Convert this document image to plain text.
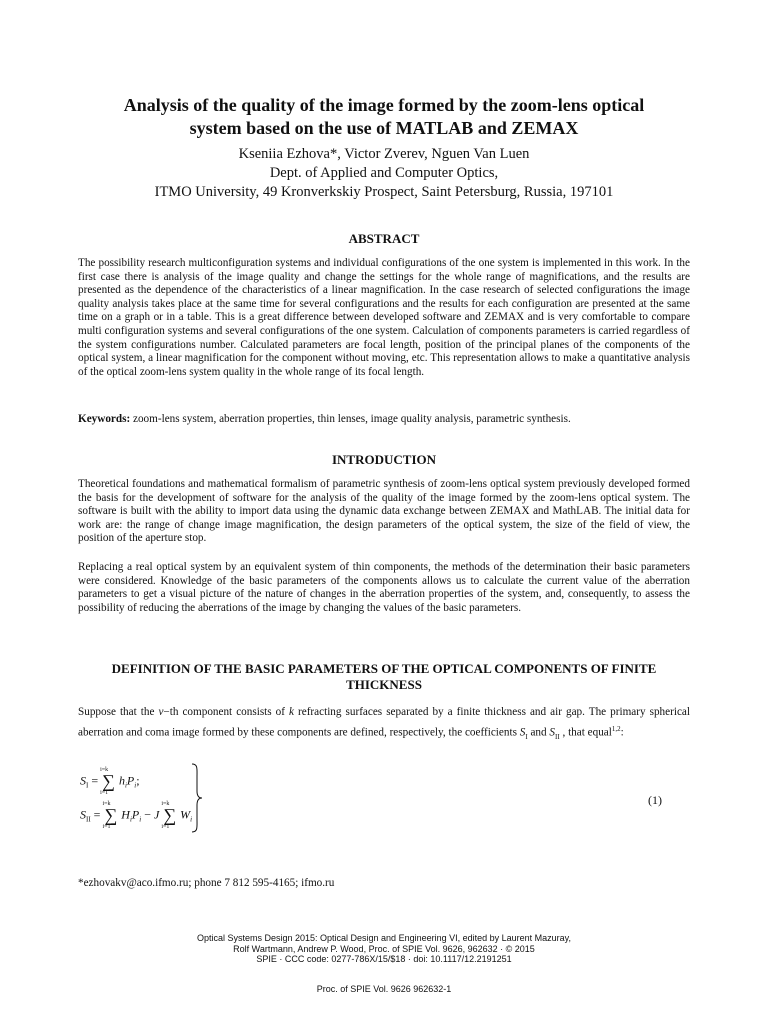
Analysis of the quality of the image formed by the zoom-lens optical
system based on the use of MATLAB and ZEMAX
Kseniia Ezhova*, Victor Zverev, Nguen Van Luen
Dept. of Applied and Computer Optics,
ITMO University, 49 Kronverkskiy Prospect, Saint Petersburg, Russia, 197101
ABSTRACT

The possibility research multiconfiguration systems and individual configurations of the one system is implemented in this work. In the first case there is analysis of the image quality and change the settings for the whole range of magnifications, and the results are presented as the dependence of the characteristics of a linear magnification. In the case research of selected configurations the image quality analysis takes place at the same time for several configurations and the results for each configuration are presented at the same time on a graph or in a table. This is a great difference between developed software and ZEMAX and is very comfortable to compare multi configuration systems and several configurations of the one system. Calculation of components parameters is carried regardless of the system configurations number. Calculated parameters are focal length, position of the principal planes of the components of the optical system, a linear magnification for the component without moving, etc. This representation allows to make a quantitative analysis of the optical zoom-lens system quality in the whole range of its focal length.

Keywords: zoom-lens system, aberration properties, thin lenses, image quality analysis, parametric synthesis.

INTRODUCTION

Theoretical foundations and mathematical formalism of parametric synthesis of zoom-lens optical system previously developed formed the basis for the development of software for the analysis of the quality of the image formed by the zoom-lens optical system. The software is built with the ability to import data using the dynamic data exchange between ZEMAX and MathLAB. The initial data for work are: the range of change image magnification, the design parameters of the optical system, the size of the field of view, the position of the aperture stop.

Replacing a real optical system by an equivalent system of thin components, the methods of the determination their basic parameters were considered. Knowledge of the basic parameters of the components allows us to calculate the current value of the aberration parameters to get a visual picture of the nature of changes in the aberration properties of the system, and, consequently, to assess the possibility of reducing the aberrations of the image by changing the values of the basic parameters.

DEFINITION OF THE BASIC PARAMETERS OF THE OPTICAL COMPONENTS OF FINITE
THICKNESS

Suppose that the ν−th component consists of k refracting surfaces separated by a finite thickness and air gap. The primary spherical aberration and coma image formed by these components are defined, respectively, the coefficients $S_I$ and $S_{II}$ , that equal$^{1,2}$:

$S_I$ = ∑
i=k
i=1
$h_iP_i$;
$S_{II}$ = ∑
i=k
i=1
$H_iP_i - J$ ∑
i=k
i=1
$W_i$
(1)
*ezhovakv@aco.ifmo.ru; phone 7 812 595-4165; ifmo.ru
Optical Systems Design 2015: Optical Design and Engineering VI, edited by Laurent Mazuray,
Rolf Wartmann, Andrew P. Wood, Proc. of SPIE Vol. 9626, 962632 · © 2015
SPIE · CCC code: 0277-786X/15/$18 · doi: 10.1117/12.2191251
Proc. of SPIE Vol. 9626 962632-1
